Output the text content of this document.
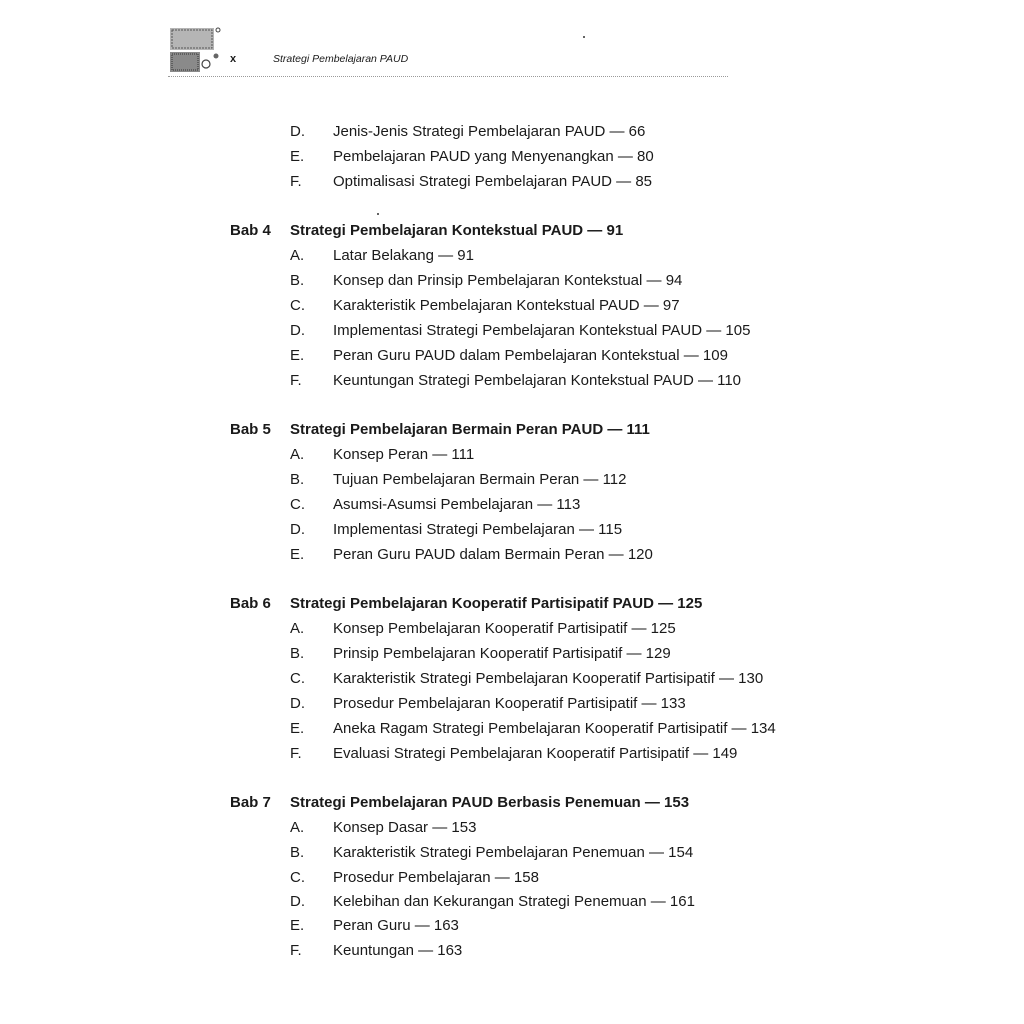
x	Strategi Pembelajaran PAUD
D.	Jenis-Jenis Strategi Pembelajaran PAUD — 66
E.	Pembelajaran PAUD yang Menyenangkan — 80
F.	Optimalisasi Strategi Pembelajaran PAUD — 85
Bab 4	Strategi Pembelajaran Kontekstual PAUD — 91
A.	Latar Belakang — 91
B.	Konsep dan Prinsip Pembelajaran Kontekstual — 94
C.	Karakteristik Pembelajaran Kontekstual PAUD — 97
D.	Implementasi Strategi Pembelajaran Kontekstual PAUD — 105
E.	Peran Guru PAUD dalam Pembelajaran Kontekstual — 109
F.	Keuntungan Strategi Pembelajaran Kontekstual PAUD — 110
Bab 5	Strategi Pembelajaran Bermain Peran PAUD — 111
A.	Konsep Peran — 111
B.	Tujuan Pembelajaran Bermain Peran — 112
C.	Asumsi-Asumsi Pembelajaran — 113
D.	Implementasi Strategi Pembelajaran — 115
E.	Peran Guru PAUD dalam Bermain Peran — 120
Bab 6	Strategi Pembelajaran Kooperatif Partisipatif PAUD — 125
A.	Konsep Pembelajaran Kooperatif Partisipatif — 125
B.	Prinsip Pembelajaran Kooperatif Partisipatif — 129
C.	Karakteristik Strategi Pembelajaran Kooperatif Partisipatif — 130
D.	Prosedur Pembelajaran Kooperatif Partisipatif — 133
E.	Aneka Ragam Strategi Pembelajaran Kooperatif Partisipatif — 134
F.	Evaluasi Strategi Pembelajaran Kooperatif Partisipatif — 149
Bab 7	Strategi Pembelajaran PAUD Berbasis Penemuan — 153
A.	Konsep Dasar — 153
B.	Karakteristik Strategi Pembelajaran Penemuan — 154
C.	Prosedur Pembelajaran — 158
D.	Kelebihan dan Kekurangan Strategi Penemuan — 161
E.	Peran Guru — 163
F.	Keuntungan — 163
